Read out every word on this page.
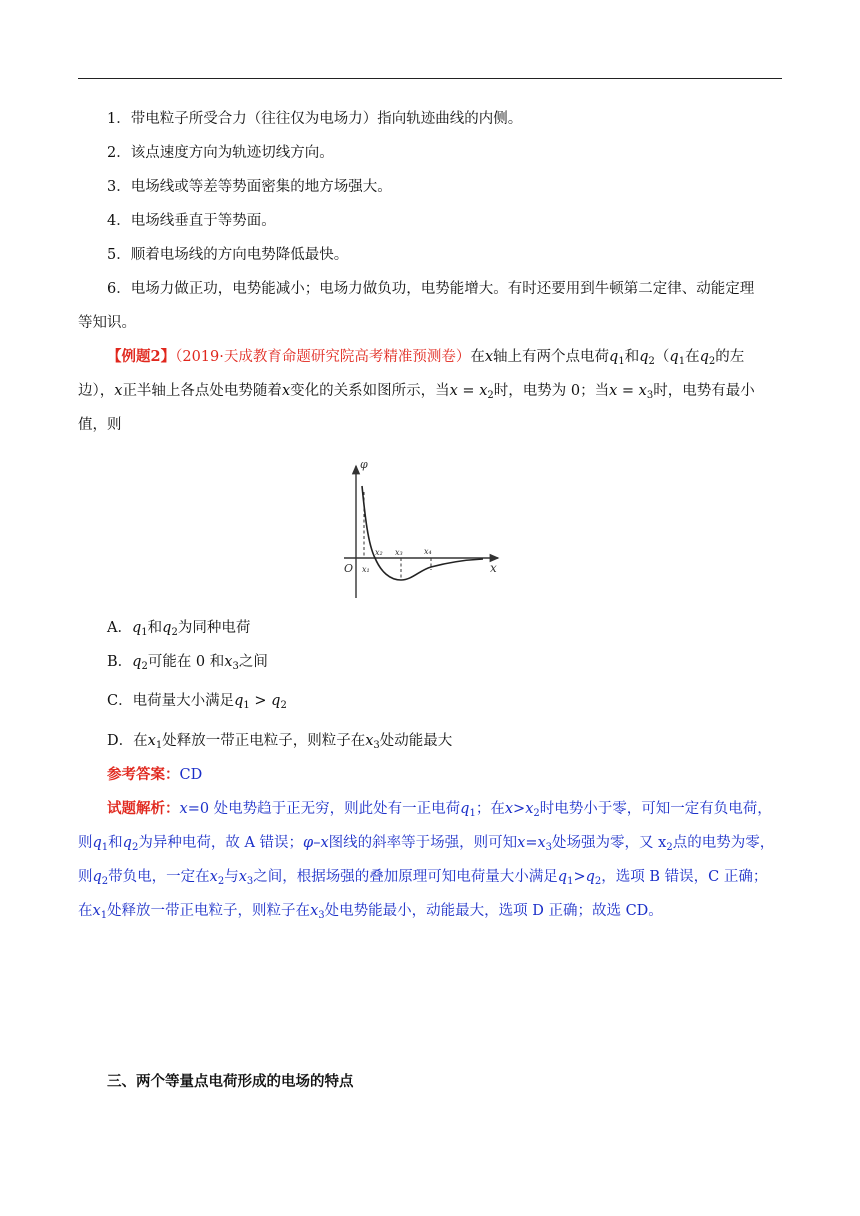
1．带电粒子所受合力（往往仅为电场力）指向轨迹曲线的内侧。
2．该点速度方向为轨迹切线方向。
3．电场线或等差等势面密集的地方场强大。
4．电场线垂直于等势面。
5．顺着电场线的方向电势降低最快。
6．电场力做正功，电势能减小；电场力做负功，电势能增大。有时还要用到牛顿第二定律、动能定理
等知识。
【例题2】（2019·天成教育命题研究院高考精准预测卷）在x轴上有两个点电荷$q_1$和$q_2(q_1$在$q_2$的左
边），x正半轴上各点处电势随着x变化的关系如图所示，当$x = x_2$时，电势为 0；当$x = x_3$时，电势有最小
值，则
φ
x
O x₁
x₂ x₃	x₄
A．$q_1$和$q_2$为同种电荷
B．$q_2$可能在 0 和$x_3$之间
C．电荷量大小满足$q_1 > q_2$
D．在$x_1$处释放一带正电粒子，则粒子在$x_3$处动能最大
参考答案：CD
试题解析：x=0 处电势趋于正无穷，则此处有一正电荷$q_1$；在$x>x_2$时电势小于零，可知一定有负电荷，
则$q_1$和$q_2$为异种电荷，故 A 错误；φ–x图线的斜率等于场强，则可知$x=x_3$处场强为零，又 $x_2$点的电势为零，
则$q_2$带负电，一定在$x_2$与$x_3$之间，根据场强的叠加原理可知电荷量大小满足$q_1>q_2$，选项 B 错误，C 正确；
在$x_1$处释放一带正电粒子，则粒子在$x_3$处电势能最小，动能最大，选项 D 正确；故选 CD。
三、两个等量点电荷形成的电场的特点
